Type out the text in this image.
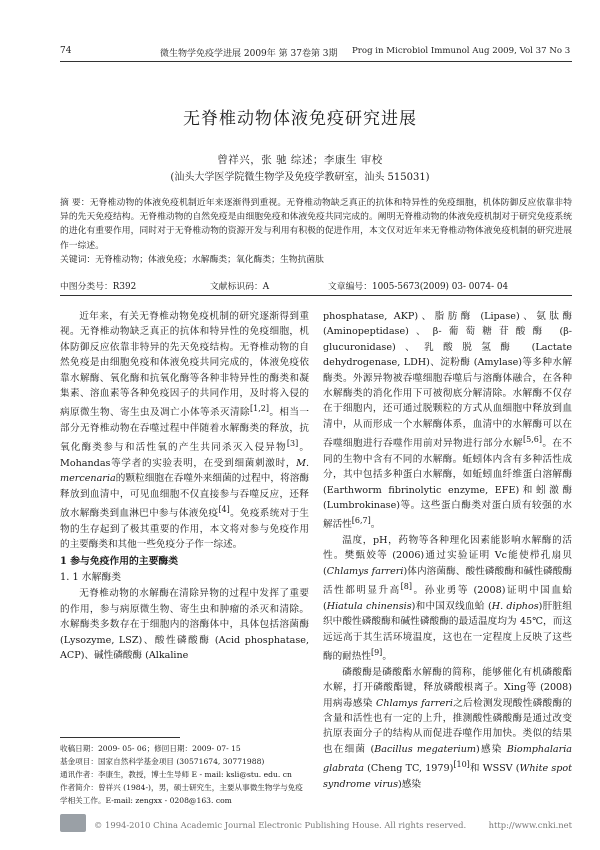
74	微生物学免疫学进展 2009年 第 37卷第 3期 Prog in Microbiol Immunol Aug 2009, Vol 37 No 3
无脊椎动物体液免疫研究进展
曾祥兴，张 驰 综述；李康生 审校
(汕头大学医学院微生物学及免疫学教研室，汕头 515031)

摘 要：无脊椎动物的体液免疫机制近年来逐渐得到重视。无脊椎动物缺乏真正的抗体和特异性的免疫细胞，机体防御反应依靠非特异的先天免疫结构。无脊椎动物的自然免疫是由细胞免疫和体液免疫共同完成的。阐明无脊椎动物的体液免疫机制对于研究免疫系统的进化有重要作用，同时对于无脊椎动物的资源开发与利用有积极的促进作用，本文仅对近年来无脊椎动物体液免疫机制的研究进展作一综述。

关键词：无脊椎动物；体液免疫；水解酶类；氧化酶类；生物抗菌肽

中图分类号：R392	文献标识码：A	文章编号：1005-5673(2009) 03- 0074- 04

近年来，有关无脊椎动物免疫机制的研究逐渐得到重视。无脊椎动物缺乏真正的抗体和特异性的免疫细胞，机体防御反应依靠非特异的先天免疫结构。无脊椎动物的自然免疫是由细胞免疫和体液免疫共同完成的，体液免疫依靠水解酶、氧化酶和抗氧化酶等各种非特异性的酶类和凝集素、溶血素等各种免疫因子的共同作用，及时将入侵的病原微生物、寄生虫及凋亡小体等杀灭清除[1,2]。相当一部分无脊椎动物在吞噬过程中伴随着水解酶类的释放，抗氧化酶类参与和活性氧的产生共同杀灭入侵异物[3]。Mohandas等学者的实验表明，在受到细菌刺激时，M. mercenaria的颗粒细胞在吞噬外来细菌的过程中，将溶酶释放到血清中，可见血细胞不仅直接参与吞噬反应，还释放水解酶类到血淋巴中参与体液免疫[4]。免疫系统对于生物的生存起到了极其重要的作用，本文将对参与免疫作用的主要酶类和其他一些免疫分子作一综述。

1 参与免疫作用的主要酶类
1. 1 水解酶类

无脊椎动物的水解酶在清除异物的过程中发挥了重要的作用，参与病原微生物、寄生虫和肿瘤的杀灭和清除。水解酶类多数存在于细胞内的溶酶体中，具体包括溶菌酶 (Lysozyme, LSZ)、酸性磷酸酶 (Acid phosphatase, ACP)、碱性磷酸酶 (Alkaline

收稿日期：2009- 05- 06；修回日期：2009- 07- 15

基金项目：国家自然科学基金项目 (30571674, 30771988)

通讯作者：李康生，教授，博士生导师 E - mail: ksli@stu. edu. cn

作者简介：曾祥兴 (1984-)，男，硕士研究生，主要从事微生物学与免疫学相关工作。E-mail: zengxx - 0208@163. com

phosphatase, AKP)、脂肪酶 (Lipase)、氨肽酶 (Aminopeptidase)、β-葡萄糖苷酸酶 (β-glucuronidase)、乳酸脱氢酶 (Lactate dehydrogenase, LDH)、淀粉酶 (Amylase)等多种水解酶类。外源异物被吞噬细胞吞噬后与溶酶体融合，在各种水解酶类的消化作用下可被彻底分解清除。水解酶不仅存在于细胞内，还可通过脱颗粒的方式从血细胞中释放到血清中，从而形成一个水解酶体系，血清中的水解酶可以在吞噬细胞进行吞噬作用前对异物进行部分水解[5,6]。在不同的生物中含有不同的水解酶。蚯蚓体内含有多种活性成分，其中包括多种蛋白水解酶，如蚯蚓血纤维蛋白溶解酶 (Earthworm fibrinolytic enzyme, EFE)和蚓激酶 (Lumbrokinase)等。这些蛋白酶类对蛋白质有较强的水解活性[6,7]。

温度，pH，药物等各种理化因素能影响水解酶的活性。樊甄姣等 (2006)通过实验证明 Vc能使栉孔扇贝 (Chlamys farreri)体内溶菌酶、酸性磷酸酶和碱性磷酸酶活性都明显升高[8]。孙业勇等 (2008)证明中国血蛤 (Hiatula chinensis)和中国双线血蛤 (H. diphos)肝脏组织中酸性磷酸酶和碱性磷酸酶的最适温度均为 45℃，而这远远高于其生活环境温度，这也在一定程度上反映了这些酶的耐热性[9]。

磷酸酶是磷酸酯水解酶的简称，能够催化有机磷酸酯水解，打开磷酸酯键，释放磷酸根离子。Xing等 (2008)用病毒感染 Chlamys farreri之后检测发现酸性磷酸酶的含量和活性也有一定的上升，推测酸性磷酸酶是通过改变抗原表面分子的结构从而促进吞噬作用加快。类似的结果也在细菌 (Bacillus megaterium)感染 Biomphalaria glabrata (Cheng TC, 1979)[10]和 WSSV (White spot syndrome virus)感染

© 1994-2010 China Academic Journal Electronic Publishing House. All rights reserved.	http://www.cnki.net
